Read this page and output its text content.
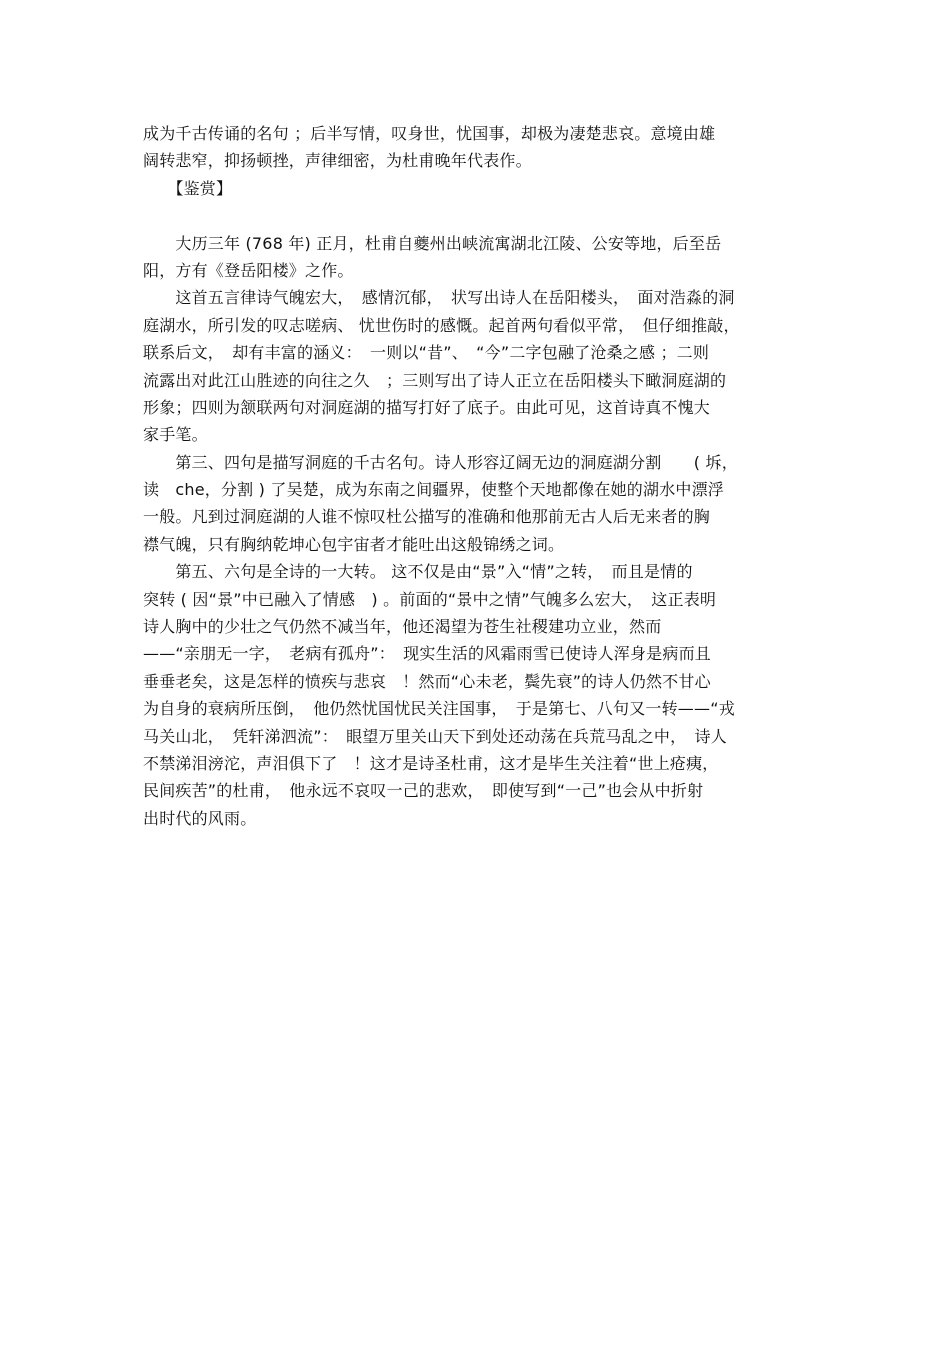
成为千古传诵的名句 ；后半写情，叹身世，忧国事，却极为凄楚悲哀。意境由雄
阔转悲窄，抑扬顿挫，声律细密，为杜甫晚年代表作。
　　【鉴赏】
　　大历三年 (768 年) 正月，杜甫自夔州出峡流寓湖北江陵、公安等地，后至岳
阳，方有《登岳阳楼》之作。
　　这首五言律诗气魄宏大，　感情沉郁，　状写出诗人在岳阳楼头，　面对浩淼的洞
庭湖水，所引发的叹志嗟病、 忧世伤时的感慨。起首两句看似平常，　但仔细推敲，
联系后文，　却有丰富的涵义：　一则以“昔”、　“今”二字包融了沧桑之感 ；二则
流露出对此江山胜迹的向往之久　；三则写出了诗人正立在岳阳楼头下瞰洞庭湖的
形象；四则为颔联两句对洞庭湖的描写打好了底子。由此可见，这首诗真不愧大
家手笔。
　　第三、四句是描写洞庭的千古名句。诗人形容辽阔无边的洞庭湖分割　　( 坼，
读　che，分割 ) 了吴楚，成为东南之间疆界，使整个天地都像在她的湖水中漂浮
一般。凡到过洞庭湖的人谁不惊叹杜公描写的准确和他那前无古人后无来者的胸
襟气魄，只有胸纳乾坤心包宇宙者才能吐出这般锦绣之词。
　　第五、六句是全诗的一大转。 这不仅是由“景”入“情”之转，　而且是情的
突转 ( 因“景”中已融入了情感　) 。前面的“景中之情”气魄多么宏大，　这正表明
诗人胸中的少壮之气仍然不减当年，他还渴望为苍生社稷建功立业，然而
——“亲朋无一字，　老病有孤舟”：　现实生活的风霜雨雪已使诗人浑身是病而且
垂垂老矣，这是怎样的愤疾与悲哀　！然而“心未老，鬓先衰”的诗人仍然不甘心
为自身的衰病所压倒，　他仍然忧国忧民关注国事，　于是第七、八句又一转——“戎
马关山北，　凭轩涕泗流”：　眼望万里关山天下到处还动荡在兵荒马乱之中，　诗人
不禁涕泪滂沱，声泪俱下了　！这才是诗圣杜甫，这才是毕生关注着“世上疮痍，
民间疾苦”的杜甫，　他永远不哀叹一己的悲欢，　即使写到“一己”也会从中折射
出时代的风雨。
